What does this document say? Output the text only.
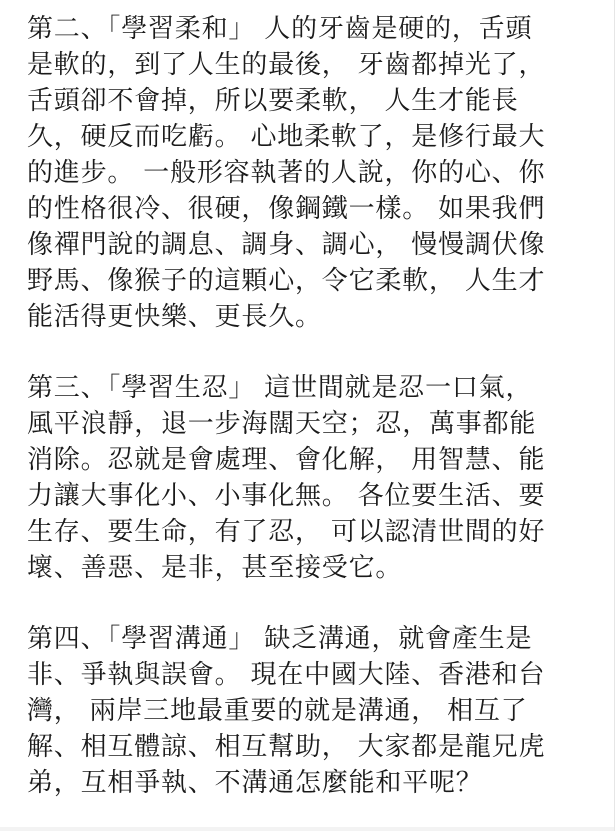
第二、「學習柔和」 人的牙齒是硬的，舌頭
是軟的，到了人生的最後， 牙齒都掉光了，
舌頭卻不會掉，所以要柔軟， 人生才能長
久，硬反而吃虧。 心地柔軟了，是修行最大
的進步。 一般形容執著的人說，你的心、你
的性格很冷、很硬，像鋼鐵一樣。 如果我們
像禪門說的調息、調身、調心， 慢慢調伏像
野馬、像猴子的這顆心，令它柔軟， 人生才
能活得更快樂、更長久。
第三、「學習生忍」 這世間就是忍一口氣，
風平浪靜，退一步海闊天空；忍，萬事都能
消除。忍就是會處理、會化解， 用智慧、能
力讓大事化小、小事化無。 各位要生活、要
生存、要生命，有了忍， 可以認清世間的好
壞、善惡、是非，甚至接受它。
第四、「學習溝通」 缺乏溝通，就會產生是
非、爭執與誤會。 現在中國大陸、香港和台
灣， 兩岸三地最重要的就是溝通， 相互了
解、相互體諒、相互幫助， 大家都是龍兄虎
弟，互相爭執、不溝通怎麼能和平呢？
